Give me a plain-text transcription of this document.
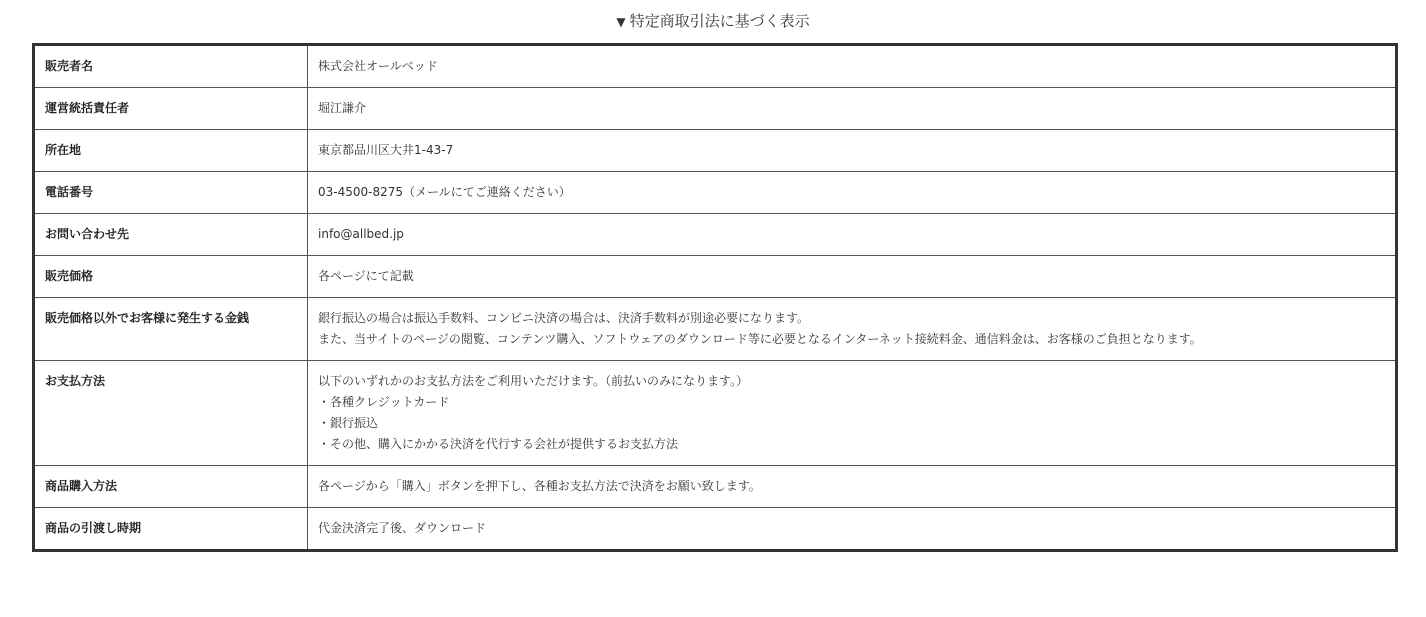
▼ 特定商取引法に基づく表示
販売者名	株式会社オールベッド

運営統括責任者	堀江謙介

所在地	東京都品川区大井1-43-7

電話番号	03-4500-8275（メールにてご連絡ください）

お問い合わせ先	info@allbed.jp

販売価格	各ページにて記載

販売価格以外でお客様に発生する金銭	銀行振込の場合は振込手数料、コンビニ決済の場合は、決済手数料が別途必要になります。
また、当サイトのページの閲覧、コンテンツ購入、ソフトウェアのダウンロード等に必要となるインターネット接続料金、通信料金は、お客様のご負担となります。

お支払方法	以下のいずれかのお支払方法をご利用いただけます。（前払いのみになります。）
・各種クレジットカード
・銀行振込
・その他、購入にかかる決済を代行する会社が提供するお支払方法

商品購入方法	各ページから「購入」ボタンを押下し、各種お支払方法で決済をお願い致します。

商品の引渡し時期	代金決済完了後、ダウンロード
